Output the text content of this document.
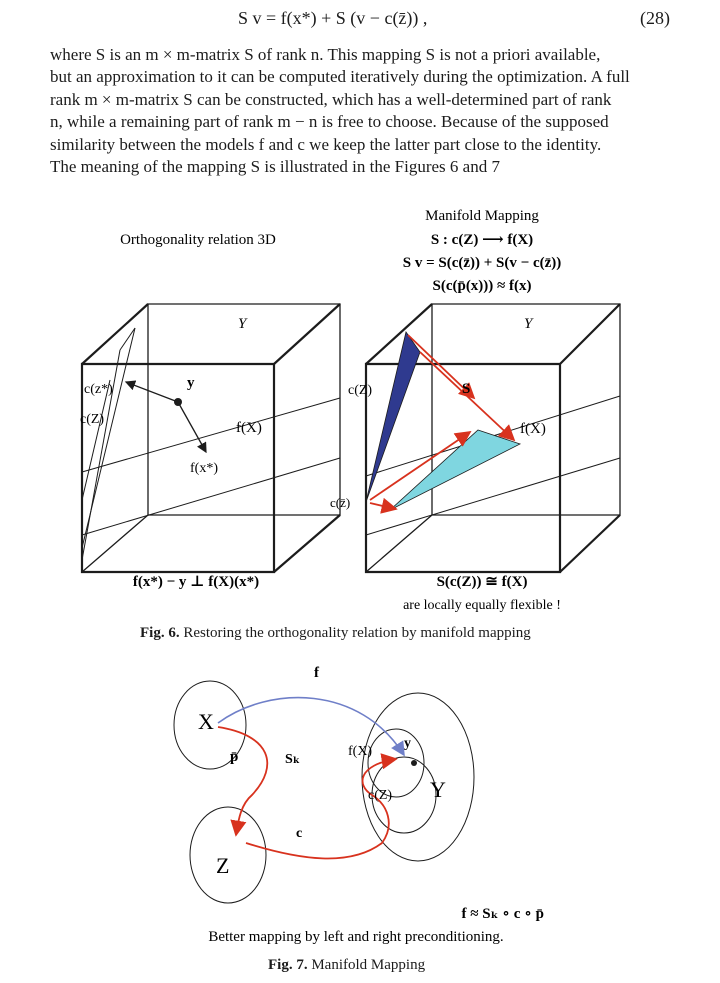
S v = f(x*) + S (v − c(z̄)) ,	(28)

where S is an m × m-matrix S of rank n. This mapping S is not a priori available,
but an approximation to it can be computed iteratively during the optimization. A full
rank m × m-matrix S can be constructed, which has a well-determined part of rank
n, while a remaining part of rank m − n is free to choose. Because of the supposed
similarity between the models f and c we keep the latter part close to the identity.
The meaning of the mapping S is illustrated in the Figures 6 and 7

Orthogonality relation 3D
Manifold Mapping
S : c(Z) ⟶ f(X)
S v = S(c(z̄)) + S(v − c(z̄))
S(c(p̄(x))) ≈ f(x)
Y
c(z*)
c(Z)
y
f(X)
f(x*)
Y
c(Z)	S
f(X)
c(z̄)
f(x*) − y ⊥ f(X)(x*)	S(c(Z)) ≅ f(X)
are locally equally flexible !
Fig. 6. Restoring the orthogonality relation by manifold mapping
f
X
p̄	Sₖ
f(X)
y
c(Z) Y
c
Z
f ≈ Sₖ ∘ c ∘ p̄
Better mapping by left and right preconditioning.
Fig. 7. Manifold Mapping
